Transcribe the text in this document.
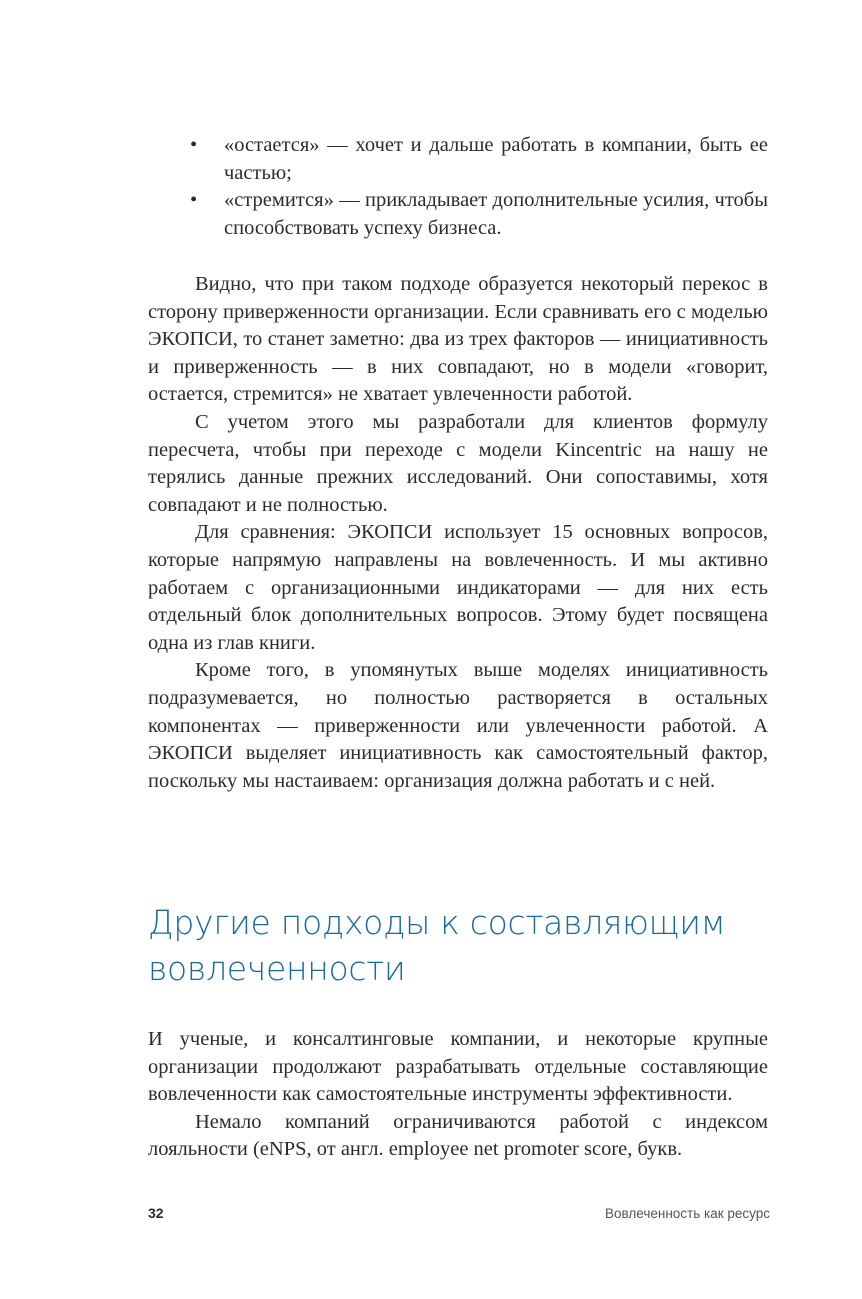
• «остается» — хочет и дальше работать в компании, быть ее частью;
• «стремится» — прикладывает дополнительные усилия, чтобы способствовать успеху бизнеса.

Видно, что при таком подходе образуется некоторый перекос в сторону приверженности организации. Если сравнивать его с моделью ЭКОПСИ, то станет заметно: два из трех факторов — инициативность и приверженность — в них совпадают, но в модели «говорит, остается, стремится» не хватает увлеченности работой.

С учетом этого мы разработали для клиентов формулу пересчета, чтобы при переходе с модели Kincentric на нашу не терялись данные прежних исследований. Они сопоставимы, хотя совпадают и не полностью.

Для сравнения: ЭКОПСИ использует 15 основных вопросов, которые напрямую направлены на вовлеченность. И мы активно работаем с организационными индикаторами — для них есть отдельный блок дополнительных вопросов. Этому будет посвящена одна из глав книги.

Кроме того, в упомянутых выше моделях инициативность подразумевается, но полностью растворяется в остальных компонентах — приверженности или увлеченности работой. А ЭКОПСИ выделяет инициативность как самостоятельный фактор, поскольку мы настаиваем: организация должна работать и с ней.

Другие подходы к составляющим вовлеченности

И ученые, и консалтинговые компании, и некоторые крупные организации продолжают разрабатывать отдельные составляющие вовлеченности как самостоятельные инструменты эффективности.

Немало компаний ограничиваются работой с индексом лояльности (eNPS, от англ. employee net promoter score, букв.

32	Вовлеченность как ресурс
